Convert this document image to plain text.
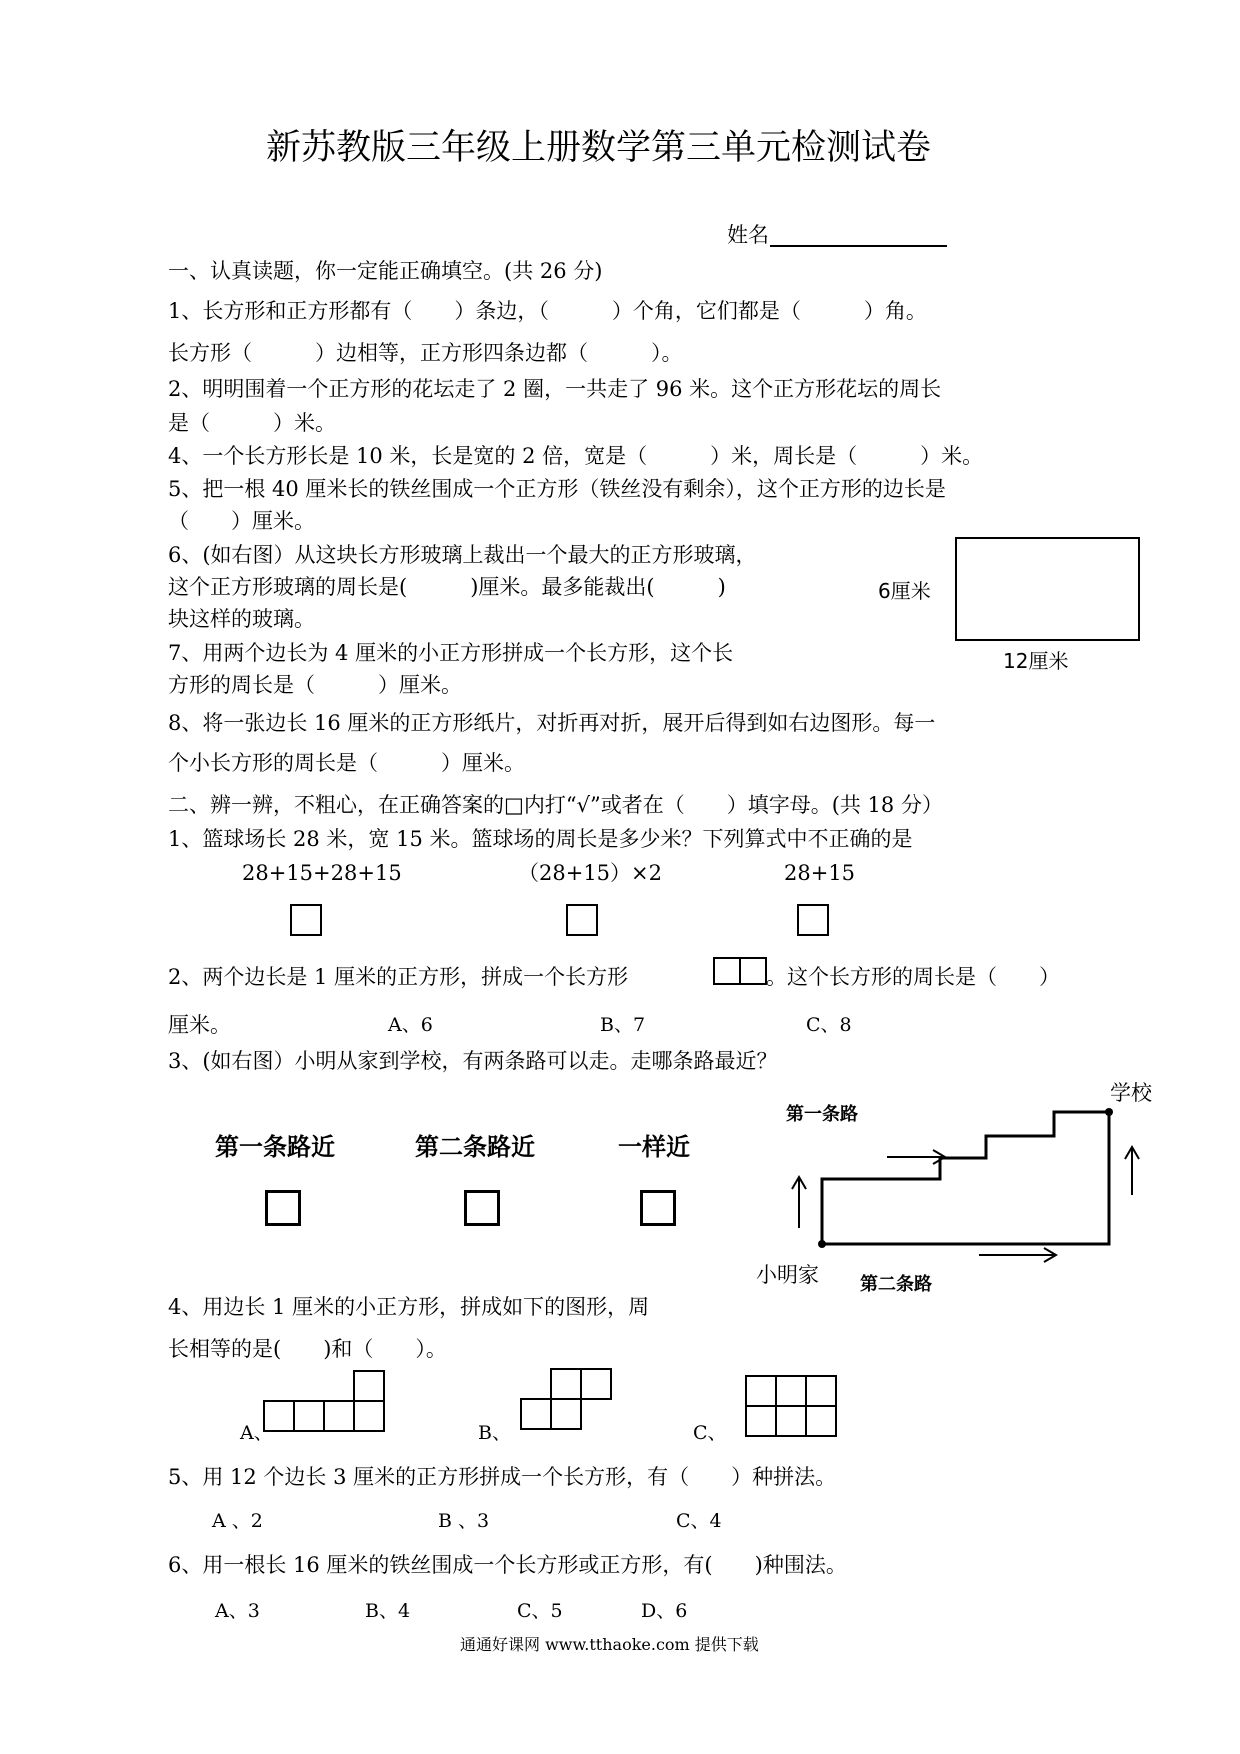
新苏教版三年级上册数学第三单元检测试卷
姓名
一、认真读题，你一定能正确填空。(共 26 分)
1、长方形和正方形都有（　　）条边，（　　　）个角，它们都是（　　　）角。
长方形（　　　）边相等，正方形四条边都（　　　）。
2、明明围着一个正方形的花坛走了 2 圈，一共走了 96 米。这个正方形花坛的周长
是（　　　）米。
4、一个长方形长是 10 米，长是宽的 2 倍，宽是（　　　）米，周长是（　　　）米。
5、把一根 40 厘米长的铁丝围成一个正方形（铁丝没有剩余），这个正方形的边长是
（　　）厘米。
6、(如右图）从这块长方形玻璃上裁出一个最大的正方形玻璃，
这个正方形玻璃的周长是(　　　)厘米。最多能裁出(　　　)
块这样的玻璃。
6厘米
12厘米
7、用两个边长为 4 厘米的小正方形拼成一个长方形，这个长
方形的周长是（　　　）厘米。
8、将一张边长 16 厘米的正方形纸片，对折再对折，展开后得到如右边图形。每一
个小长方形的周长是（　　　）厘米。
二、辨一辨，不粗心，在正确答案的□内打“√”或者在（　　）填字母。(共 18 分）
1、篮球场长 28 米，宽 15 米。篮球场的周长是多少米？下列算式中不正确的是
28+15+28+15	（28+15）×2	28+15
2、两个边长是 1 厘米的正方形，拼成一个长方形	。这个长方形的周长是（　　）
厘米。	A、6	B、7	C、8
3、(如右图）小明从家到学校，有两条路可以走。走哪条路最近？
第一条路近	第二条路近	一样近
学校
第一条路
小明家 第二条路
4、用边长 1 厘米的小正方形，拼成如下的图形，周
长相等的是(　　)和（　　）。
A、	B、	C、
5、用 12 个边长 3 厘米的正方形拼成一个长方形，有（　　）种拼法。
A 、2	B 、3	C、4
6、用一根长 16 厘米的铁丝围成一个长方形或正方形，有(　　)种围法。
A、3	B、4	C、5	D、6
通通好课网 www.tthaoke.com 提供下载
